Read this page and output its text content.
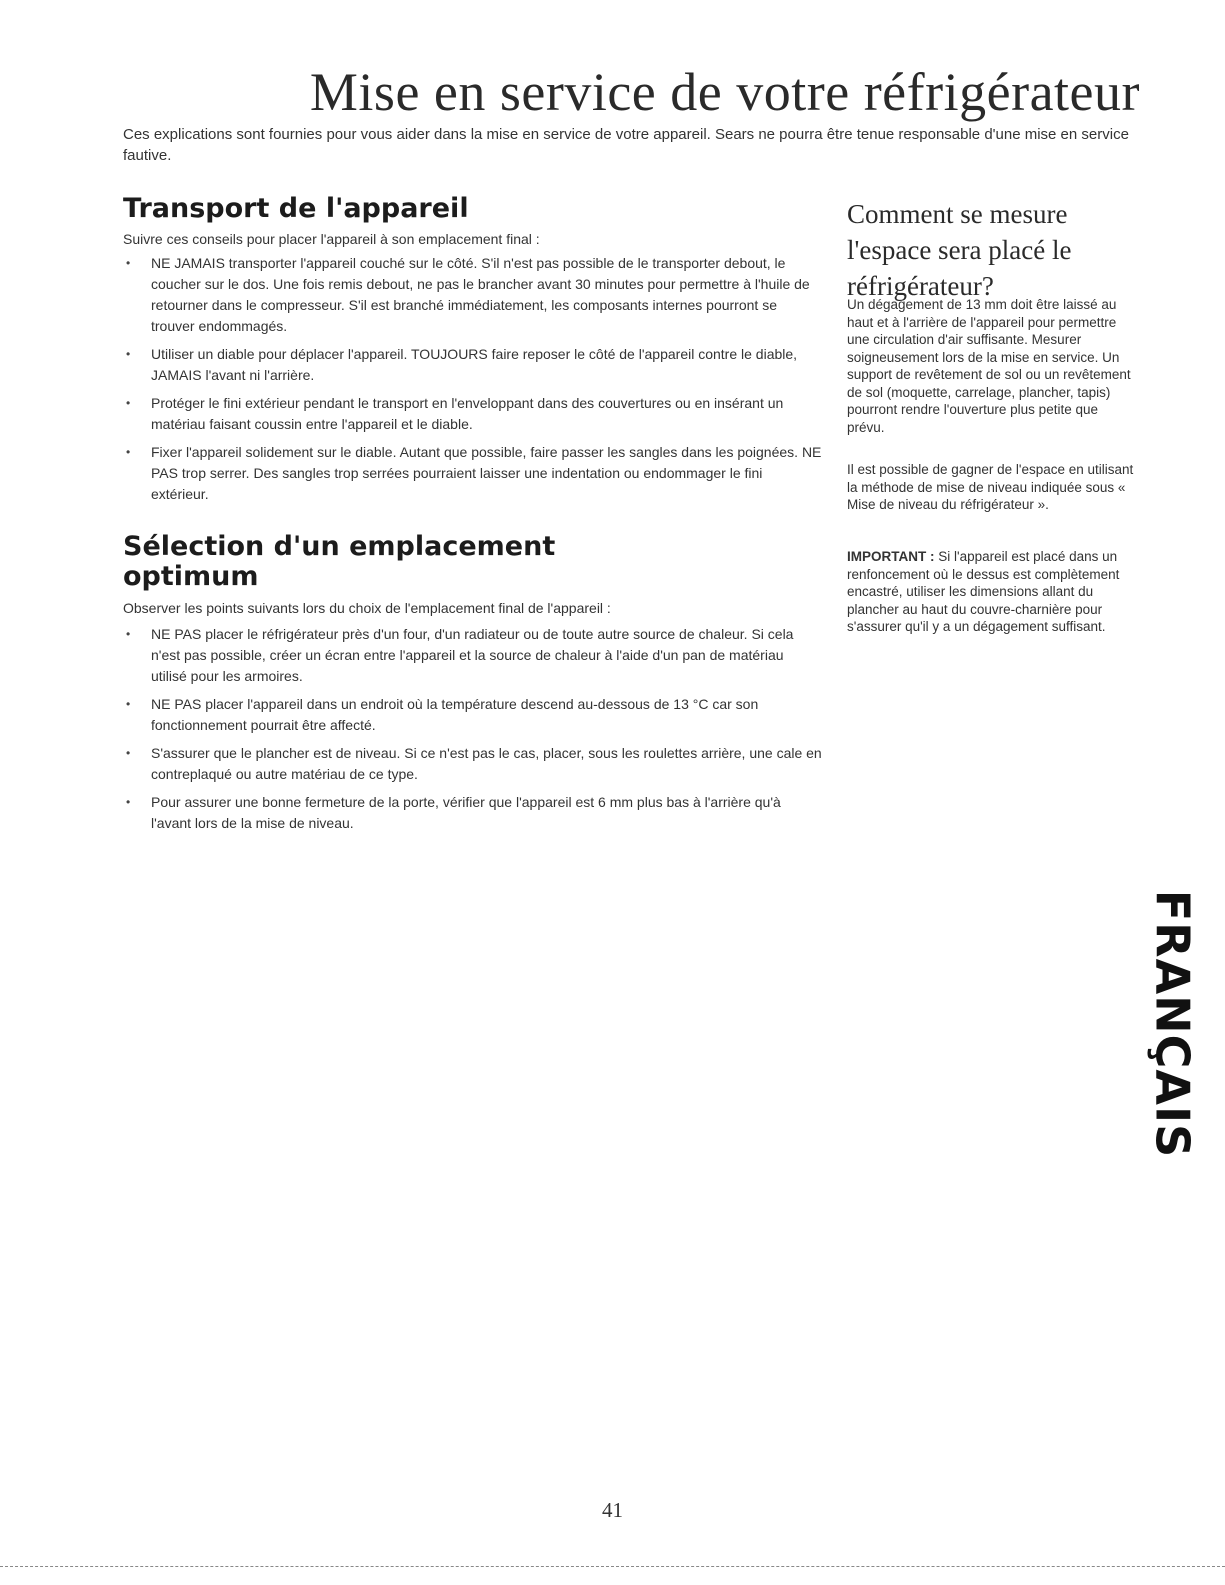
Mise en service de votre réfrigérateur
Ces explications sont fournies pour vous aider dans la mise en service de votre appareil. Sears ne pourra être tenue responsable d'une mise en service fautive.
Transport de l'appareil
Suivre ces conseils pour placer l'appareil à son emplacement final :
• NE JAMAIS transporter l'appareil couché sur le côté. S'il n'est pas possible de le transporter debout, le coucher sur le dos. Une fois remis debout, ne pas le brancher avant 30 minutes pour permettre à l'huile de retourner dans le compresseur. S'il est branché immédiatement, les composants internes pourront se trouver endommagés.
• Utiliser un diable pour déplacer l'appareil. TOUJOURS faire reposer le côté de l'appareil contre le diable, JAMAIS l'avant ni l'arrière.
• Protéger le fini extérieur pendant le transport en l'enveloppant dans des couvertures ou en insérant un matériau faisant coussin entre l'appareil et le diable.
• Fixer l'appareil solidement sur le diable. Autant que possible, faire passer les sangles dans les poignées. NE PAS trop serrer. Des sangles trop serrées pourraient laisser une indentation ou endommager le fini extérieur.
Sélection d'un emplacement
optimum
Observer les points suivants lors du choix de l'emplacement final de l'appareil :
• NE PAS placer le réfrigérateur près d'un four, d'un radiateur ou de toute autre source de chaleur. Si cela n'est pas possible, créer un écran entre l'appareil et la source de chaleur à l'aide d'un pan de matériau utilisé pour les armoires.
• NE PAS placer l'appareil dans un endroit où la température descend au-dessous de 13 °C car son fonctionnement pourrait être affecté.
• S'assurer que le plancher est de niveau. Si ce n'est pas le cas, placer, sous les roulettes arrière, une cale en contreplaqué ou autre matériau de ce type.
• Pour assurer une bonne fermeture de la porte, vérifier que l'appareil est 6 mm plus bas à l'arrière qu'à l'avant lors de la mise de niveau.
Comment se mesure l'espace sera placé le réfrigérateur?
Un dégagement de 13 mm doit être laissé au haut et à l'arrière de l'appareil pour permettre une circulation d'air suffisante. Mesurer soigneusement lors de la mise en service. Un support de revêtement de sol ou un revêtement de sol (moquette, carrelage, plancher, tapis) pourront rendre l'ouverture plus petite que prévu.
Il est possible de gagner de l'espace en utilisant la méthode de mise de niveau indiquée sous « Mise de niveau du réfrigérateur ».
IMPORTANT : Si l'appareil est placé dans un renfoncement où le dessus est complètement encastré, utiliser les dimensions allant du plancher au haut du couvre-charnière pour s'assurer qu'il y a un dégagement suffisant.
FRANÇAIS
41
